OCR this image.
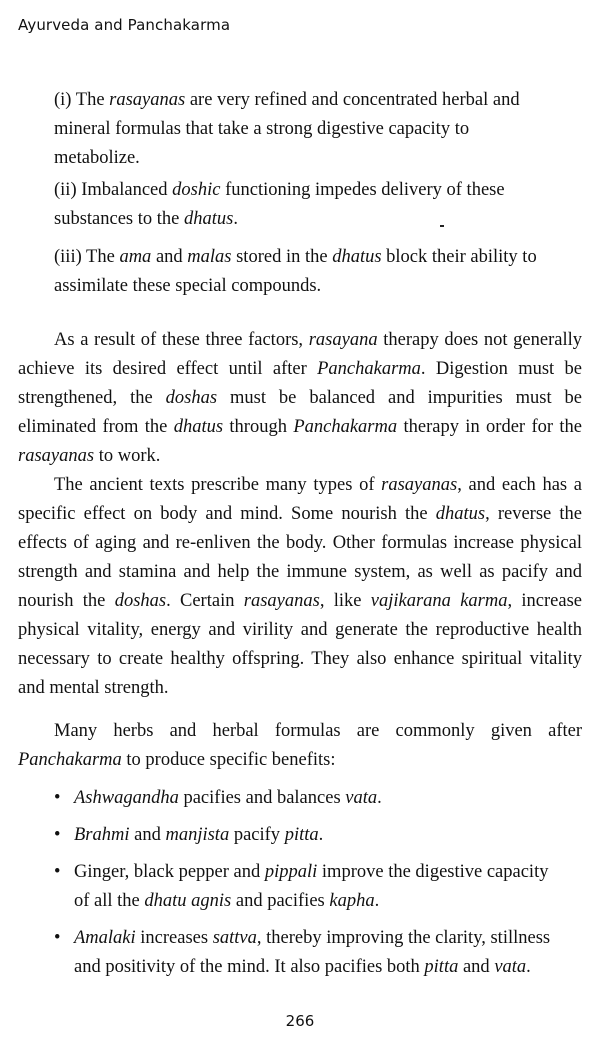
Ayurveda and Panchakarma

(i) The rasayanas are very refined and concentrated herbal and mineral formulas that take a strong digestive capacity to metabolize.

(ii) Imbalanced doshic functioning impedes delivery of these substances to the dhatus.

(iii) The ama and malas stored in the dhatus block their ability to assimilate these special compounds.

As a result of these three factors, rasayana therapy does not generally achieve its desired effect until after Panchakarma. Digestion must be strengthened, the doshas must be balanced and impurities must be eliminated from the dhatus through Panchakarma therapy in order for the rasayanas to work.

The ancient texts prescribe many types of rasayanas, and each has a specific effect on body and mind. Some nourish the dhatus, reverse the effects of aging and re-enliven the body. Other formulas increase physical strength and stamina and help the immune system, as well as pacify and nourish the doshas. Certain rasayanas, like vajikarana karma, increase physical vitality, energy and virility and generate the reproductive health necessary to create healthy offspring. They also enhance spiritual vitality and mental strength.

Many herbs and herbal formulas are commonly given after Panchakarma to produce specific benefits:

• Ashwagandha pacifies and balances vata.
• Brahmi and manjista pacify pitta.
• Ginger, black pepper and pippali improve the digestive capacity of all the dhatu agnis and pacifies kapha.
• Amalaki increases sattva, thereby improving the clarity, stillness and positivity of the mind. It also pacifies both pitta and vata.
266
